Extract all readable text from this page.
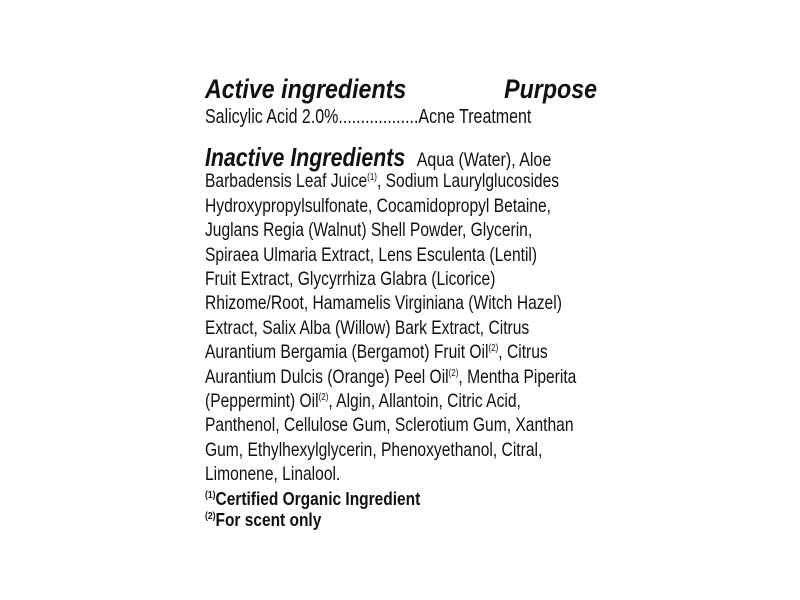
Active ingredients	Purpose
Salicylic Acid 2.0%..................Acne Treatment
Inactive Ingredients Aqua (Water), Aloe
Barbadensis Leaf Juice$^{(1)}$, Sodium Laurylglucosides
Hydroxypropylsulfonate, Cocamidopropyl Betaine,
Juglans Regia (Walnut) Shell Powder, Glycerin,
Spiraea Ulmaria Extract, Lens Esculenta (Lentil)
Fruit Extract, Glycyrrhiza Glabra (Licorice)
Rhizome/Root, Hamamelis Virginiana (Witch Hazel)
Extract, Salix Alba (Willow) Bark Extract, Citrus
Aurantium Bergamia (Bergamot) Fruit Oil$^{(2)}$, Citrus
Aurantium Dulcis (Orange) Peel Oil$^{(2)}$, Mentha Piperita
(Peppermint) Oil$^{(2)}$, Algin, Allantoin, Citric Acid,
Panthenol, Cellulose Gum, Sclerotium Gum, Xanthan
Gum, Ethylhexylglycerin, Phenoxyethanol, Citral,
Limonene, Linalool.
$^{(1)}$Certified Organic Ingredient
$^{(2)}$For scent only
